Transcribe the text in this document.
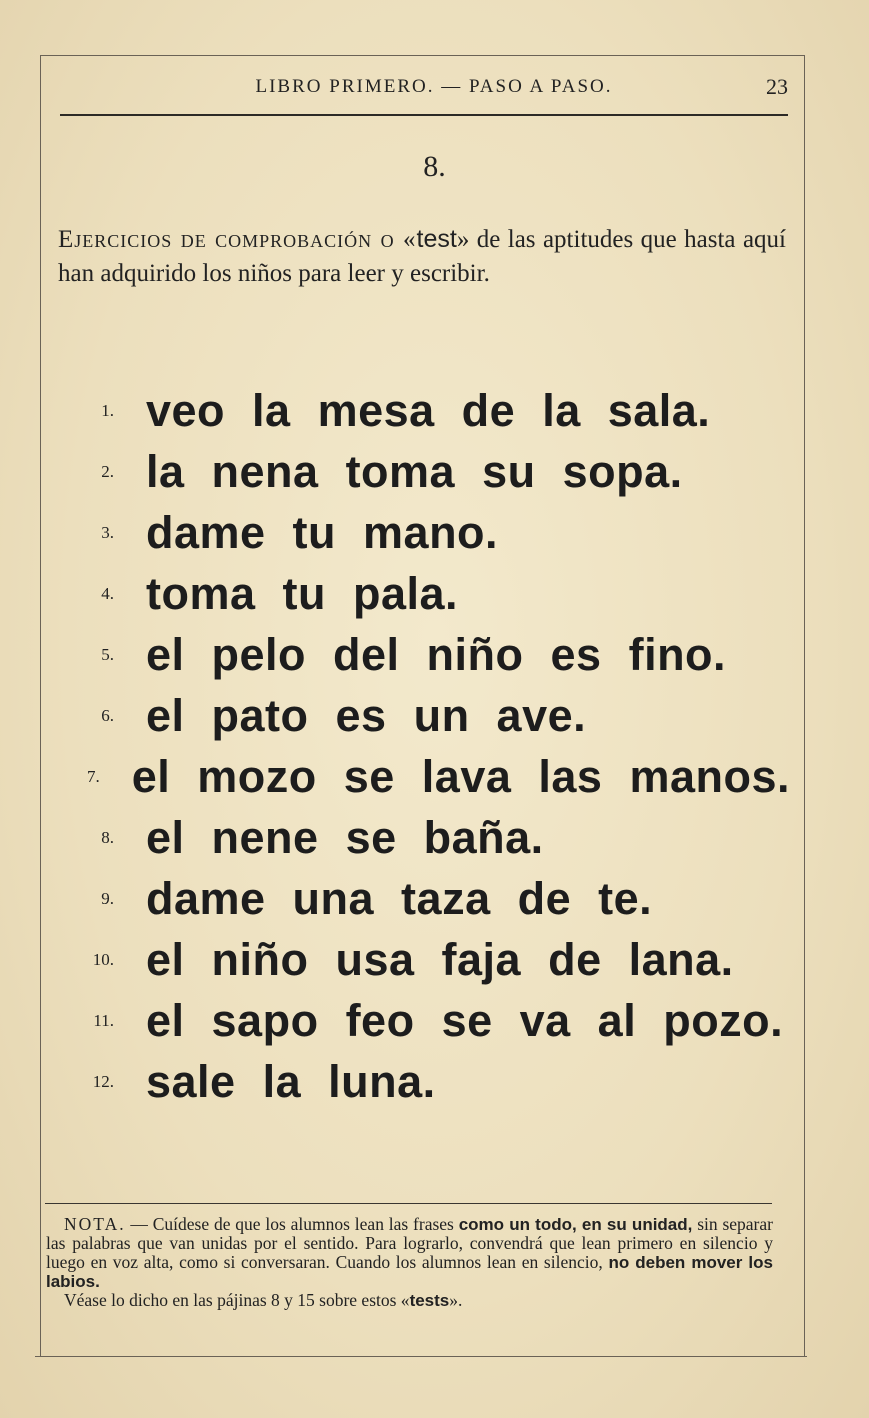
LIBRO PRIMERO. — PASO A PASO.	23
8.
Ejercicios de comprobación o «test» de las aptitudes que hasta aquí han adquirido los niños para leer y escribir.
1. veo la mesa de la sala.
2. la nena toma su sopa.
3. dame tu mano.
4. toma tu pala.
5. el pelo del niño es fino.
6. el pato es un ave.
7. el mozo se lava las manos.
8. el nene se baña.
9. dame una taza de te.
10. el niño usa faja de lana.
11. el sapo feo se va al pozo.
12. sale la luna.

NOTA. — Cuídese de que los alumnos lean las frases como un todo, en su unidad, sin separar las palabras que van unidas por el sentido. Para lograrlo, convendrá que lean primero en silencio y luego en voz alta, como si conversaran. Cuando los alumnos lean en silencio, no deben mover los labios.

Véase lo dicho en las pájinas 8 y 15 sobre estos «tests».
